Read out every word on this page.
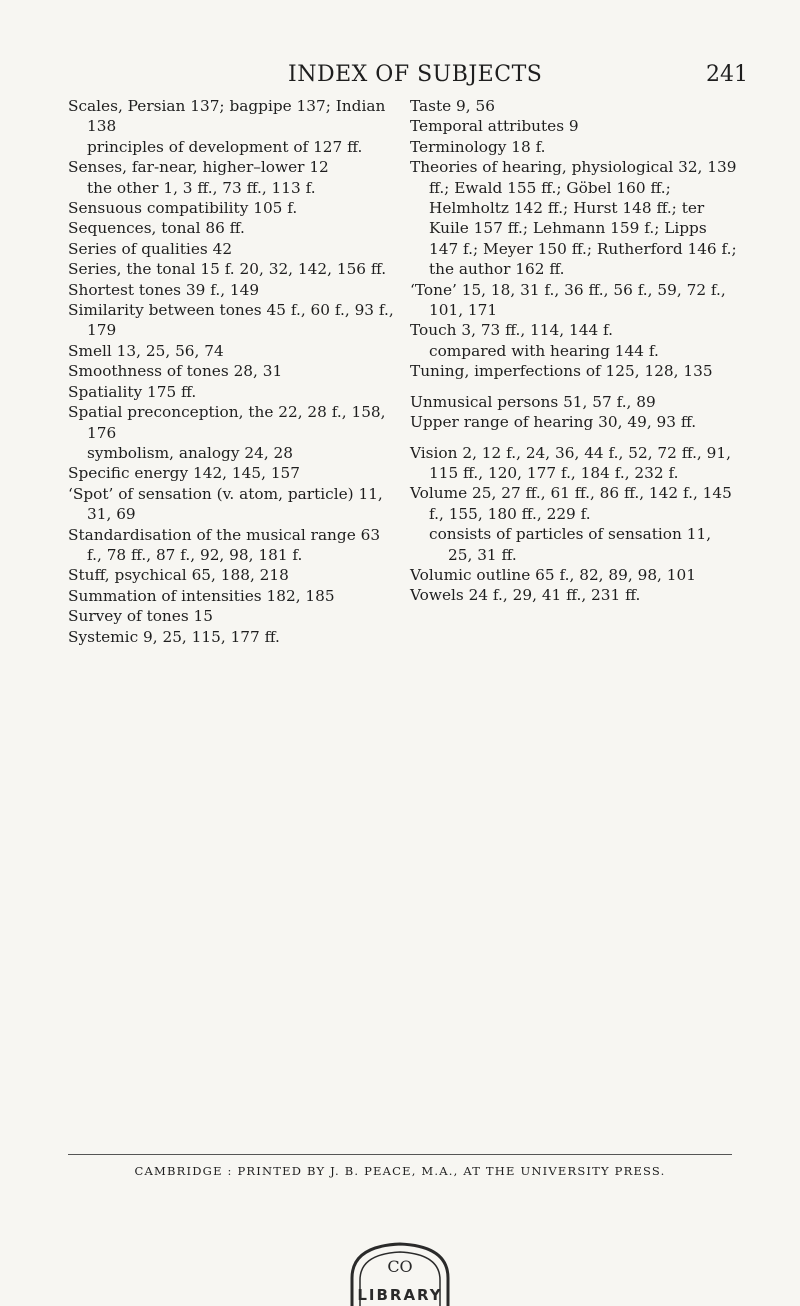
INDEX OF SUBJECTS	241
Scales, Persian 137; bagpipe 137; Indian 138
principles of development of 127 ff.
Senses, far-near, higher–lower 12
the other 1, 3 ff., 73 ff., 113 f.
Sensuous compatibility 105 f.
Sequences, tonal 86 ff.
Series of qualities 42
Series, the tonal 15 f. 20, 32, 142, 156 ff.
Shortest tones 39 f., 149
Similarity between tones 45 f., 60 f., 93 f., 179
Smell 13, 25, 56, 74
Smoothness of tones 28, 31
Spatiality 175 ff.
Spatial preconception, the 22, 28 f., 158, 176
symbolism, analogy 24, 28
Specific energy 142, 145, 157
‘Spot’ of sensation (v. atom, particle) 11, 31, 69
Standardisation of the musical range 63 f., 78 ff., 87 f., 92, 98, 181 f.
Stuff, psychical 65, 188, 218
Summation of intensities 182, 185
Survey of tones 15
Systemic 9, 25, 115, 177 ff.
Taste 9, 56
Temporal attributes 9
Terminology 18 f.
Theories of hearing, physiological 32, 139 ff.; Ewald 155 ff.; Göbel 160 ff.; Helmholtz 142 ff.; Hurst 148 ff.; ter Kuile 157 ff.; Lehmann 159 f.; Lipps 147 f.; Meyer 150 ff.; Rutherford 146 f.; the author 162 ff.
‘Tone’ 15, 18, 31 f., 36 ff., 56 f., 59, 72 f., 101, 171
Touch 3, 73 ff., 114, 144 f.
compared with hearing 144 f.
Tuning, imperfections of 125, 128, 135
Unmusical persons 51, 57 f., 89
Upper range of hearing 30, 49, 93 ff.
Vision 2, 12 f., 24, 36, 44 f., 52, 72 ff., 91, 115 ff., 120, 177 f., 184 f., 232 f.
Volume 25, 27 ff., 61 ff., 86 ff., 142 f., 145 f., 155, 180 ff., 229 f.
consists of particles of sensation 11, 25, 31 ff.
Volumic outline 65 f., 82, 89, 98, 101
Vowels 24 f., 29, 41 ff., 231 ff.
CAMBRIDGE : PRINTED BY J. B. PEACE, M.A., AT THE UNIVERSITY PRESS.
CO
LIBRARY
